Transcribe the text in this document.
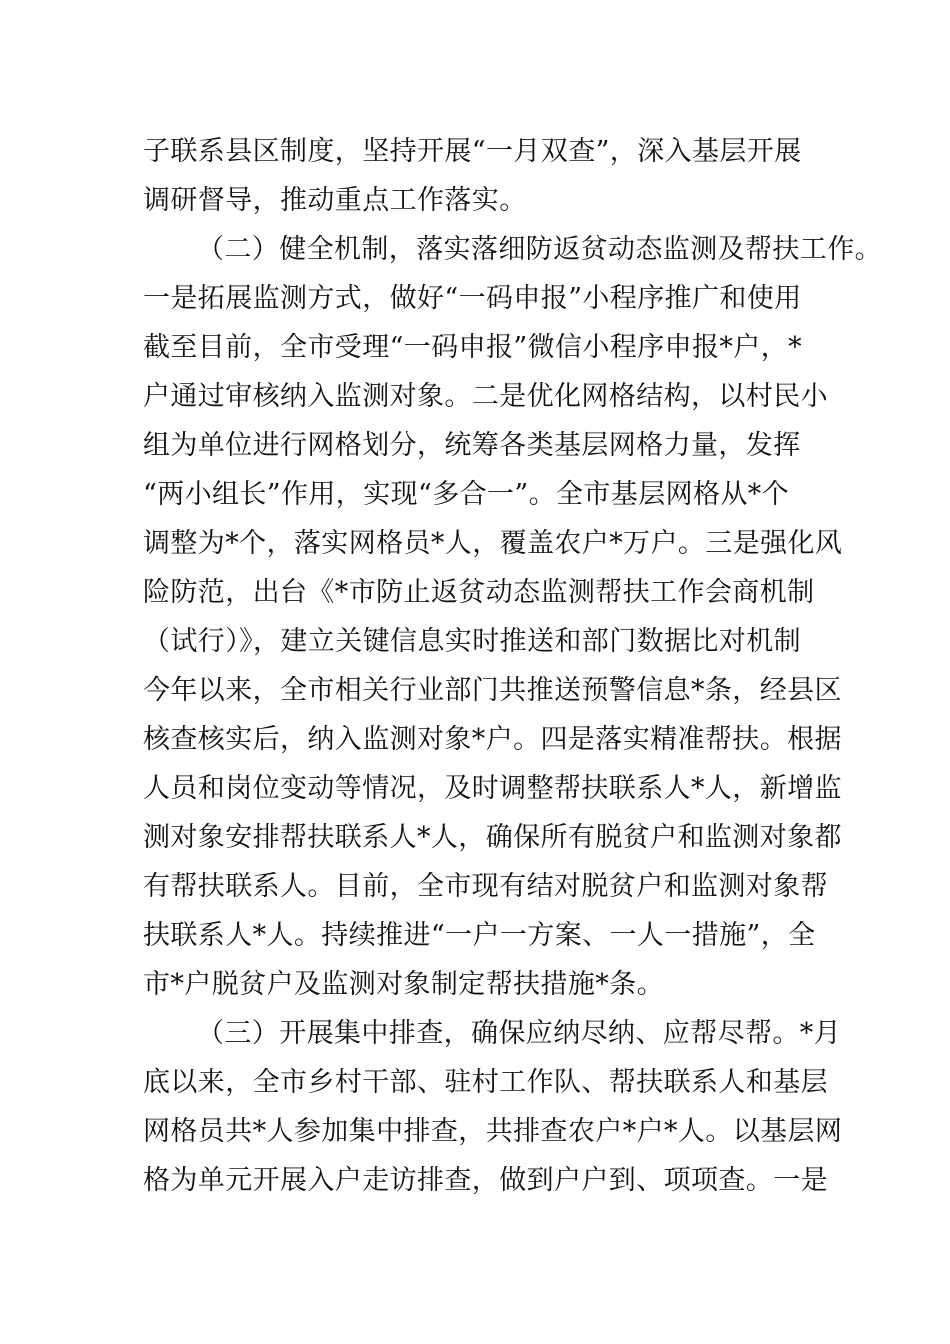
子联系县区制度，坚持开展“一月双查”，深入基层开展

调研督导，推动重点工作落实。

（二）健全机制，落实落细防返贫动态监测及帮扶工作。

一是拓展监测方式，做好“一码申报”小程序推广和使用

截至目前，全市受理“一码申报”微信小程序申报*户，*

户通过审核纳入监测对象。二是优化网格结构，以村民小

组为单位进行网格划分，统筹各类基层网格力量，发挥

“两小组长”作用，实现“多合一”。全市基层网格从*个

调整为*个，落实网格员*人，覆盖农户*万户。三是强化风

险防范，出台《*市防止返贫动态监测帮扶工作会商机制

（试行）》，建立关键信息实时推送和部门数据比对机制

今年以来，全市相关行业部门共推送预警信息*条，经县区

核查核实后，纳入监测对象*户。四是落实精准帮扶。根据

人员和岗位变动等情况，及时调整帮扶联系人*人，新增监

测对象安排帮扶联系人*人，确保所有脱贫户和监测对象都

有帮扶联系人。目前，全市现有结对脱贫户和监测对象帮

扶联系人*人。持续推进“一户一方案、一人一措施”，全

市*户脱贫户及监测对象制定帮扶措施*条。

（三）开展集中排查，确保应纳尽纳、应帮尽帮。*月

底以来，全市乡村干部、驻村工作队、帮扶联系人和基层

网格员共*人参加集中排查，共排查农户*户*人。以基层网

格为单元开展入户走访排查，做到户户到、项项查。一是
